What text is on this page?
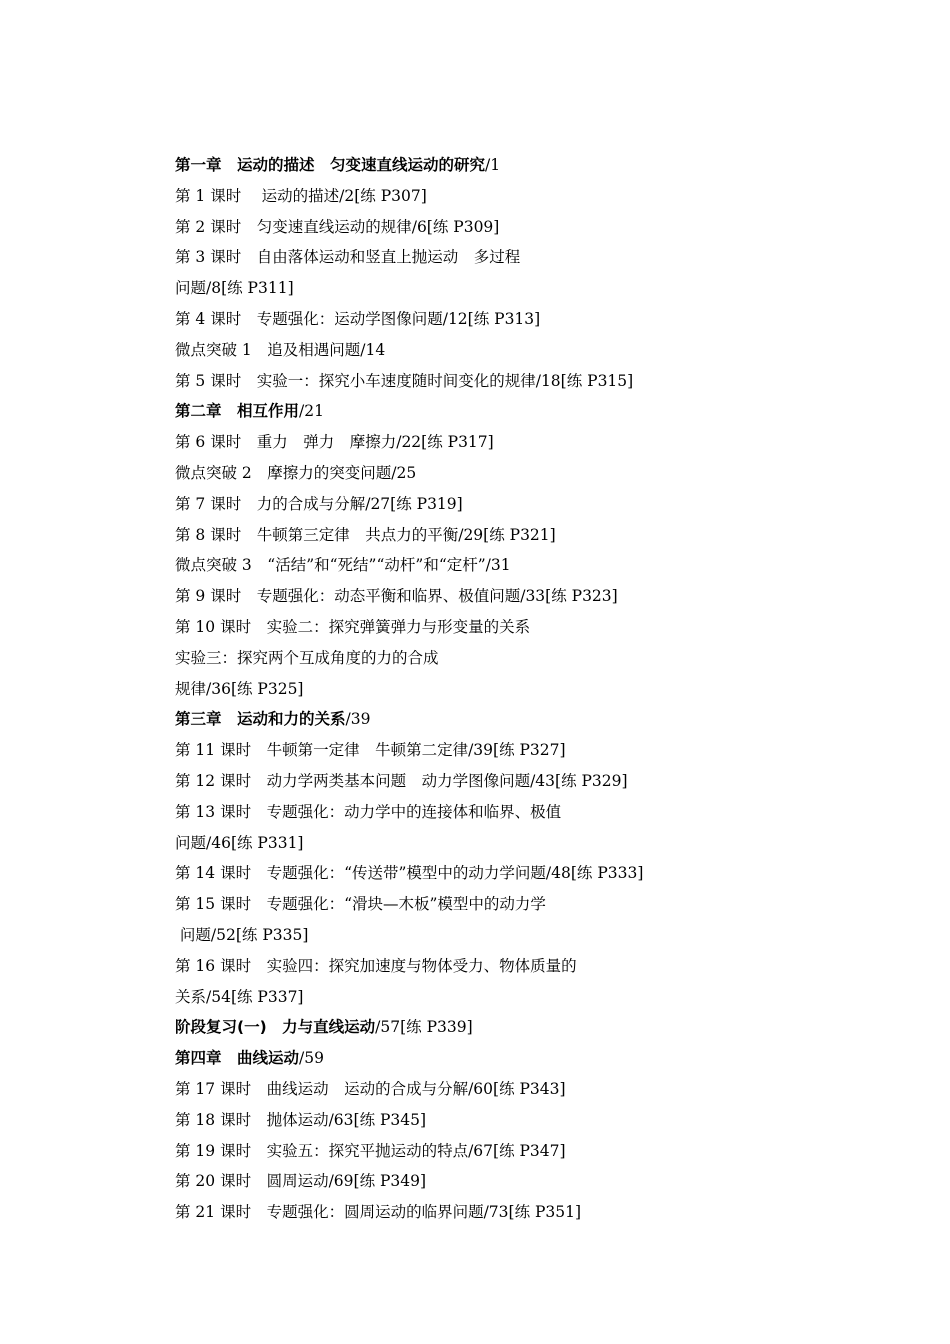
第一章　运动的描述　匀变速直线运动的研究/1
第 1 课时　 运动的描述/2[练 P307]
第 2 课时　匀变速直线运动的规律/6[练 P309]
第 3 课时　自由落体运动和竖直上抛运动　多过程
问题/8[练 P311]
第 4 课时　专题强化：运动学图像问题/12[练 P313]
微点突破 1　追及相遇问题/14
第 5 课时　实验一：探究小车速度随时间变化的规律/18[练 P315]
第二章　相互作用/21
第 6 课时　重力　弹力　摩擦力/22[练 P317]
微点突破 2　摩擦力的突变问题/25
第 7 课时　力的合成与分解/27[练 P319]
第 8 课时　牛顿第三定律　共点力的平衡/29[练 P321]
微点突破 3　“活结”和“死结”“动杆”和“定杆”/31
第 9 课时　专题强化：动态平衡和临界、极值问题/33[练 P323]
第 10 课时　实验二：探究弹簧弹力与形变量的关系
实验三：探究两个互成角度的力的合成
规律/36[练 P325]
第三章　运动和力的关系/39
第 11 课时　牛顿第一定律　牛顿第二定律/39[练 P327]
第 12 课时　动力学两类基本问题　动力学图像问题/43[练 P329]
第 13 课时　专题强化：动力学中的连接体和临界、极值
问题/46[练 P331]
第 14 课时　专题强化：“传送带”模型中的动力学问题/48[练 P333]
第 15 课时　专题强化：“滑块—木板”模型中的动力学
问题/52[练 P335]
第 16 课时　实验四：探究加速度与物体受力、物体质量的
关系/54[练 P337]
阶段复习(一)　力与直线运动/57[练 P339]
第四章　曲线运动/59
第 17 课时　曲线运动　运动的合成与分解/60[练 P343]
第 18 课时　抛体运动/63[练 P345]
第 19 课时　实验五：探究平抛运动的特点/67[练 P347]
第 20 课时　圆周运动/69[练 P349]
第 21 课时　专题强化：圆周运动的临界问题/73[练 P351]
